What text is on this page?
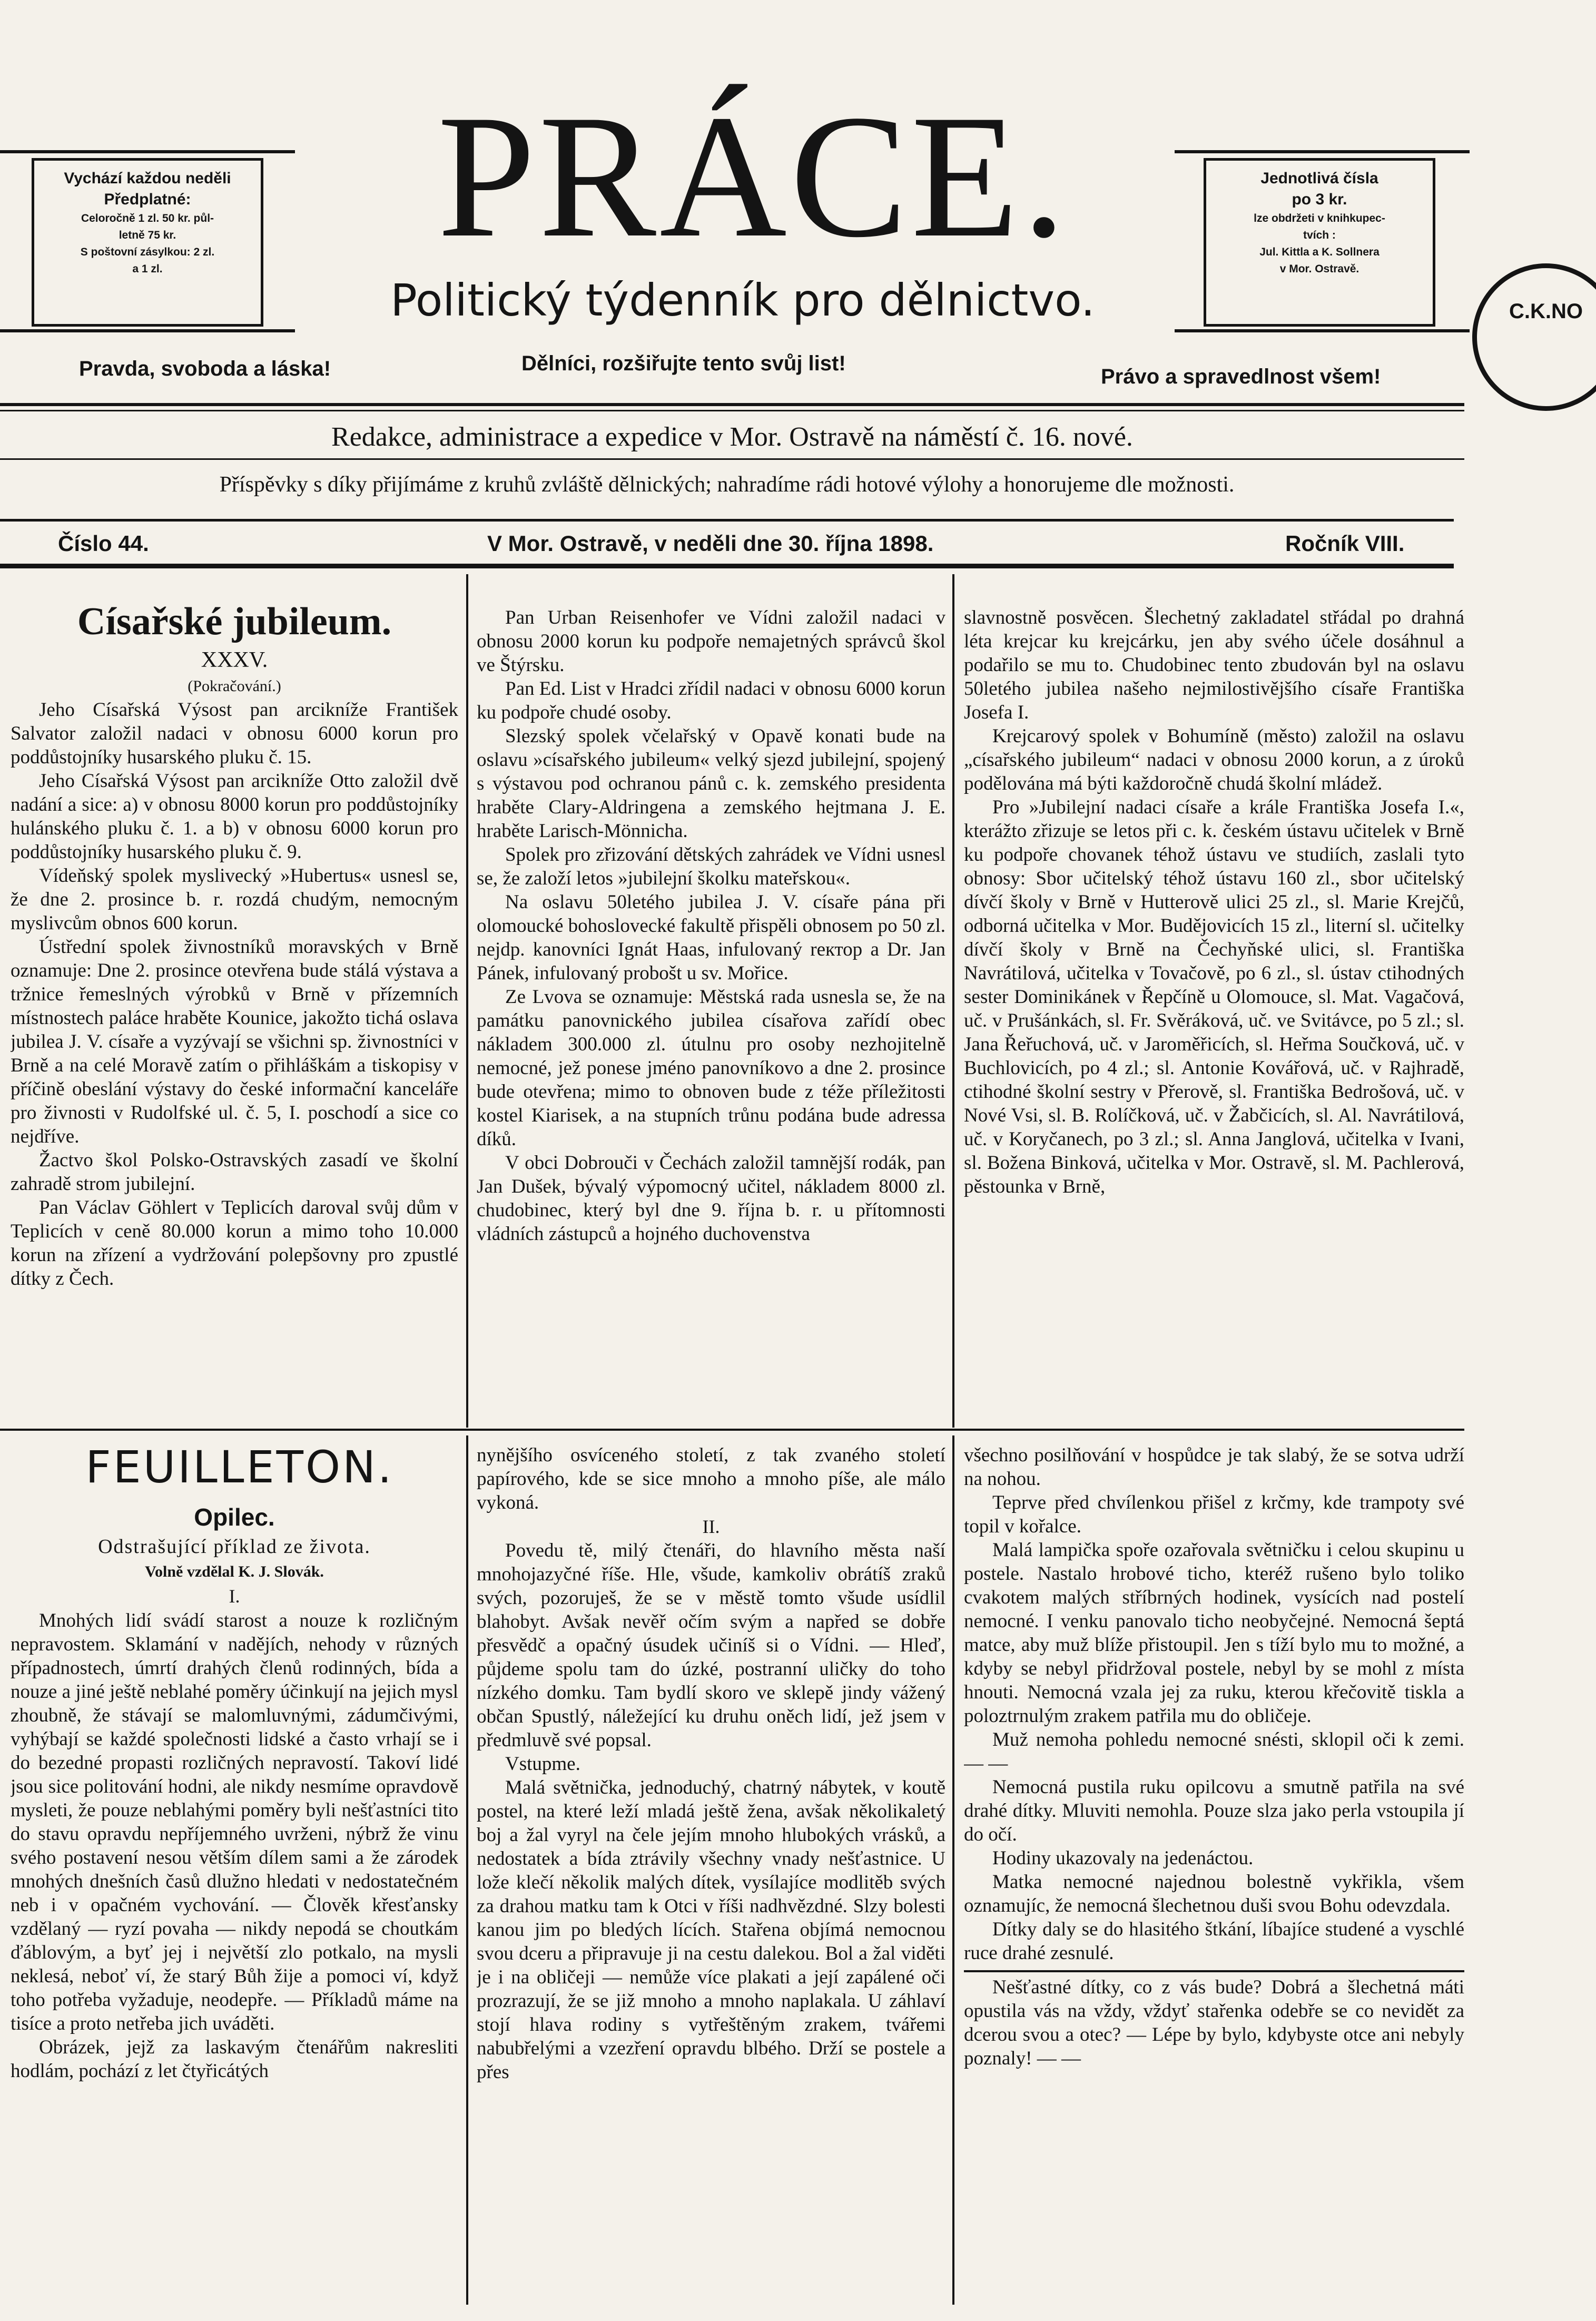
Vychází každou neděli
Předplatné:
Celoročně 1 zl. 50 kr. půl-
letně 75 kr.
S poštovní zásylkou: 2 zl.
a 1 zl.
Jednotlivá čísla
po 3 kr.
lze obdržeti v knihkupec-
tvích :
Jul. Kittla a K. Sollnera
v Mor. Ostravě.
PRÁCE.
Politický týdenník pro dělnictvo.	C.K.NO
Pravda, svoboda a láska!	Dělníci, rozšiřujte tento svůj list!
Právo a spravedlnost všem!
Redakce, administrace a expedice v Mor. Ostravě na náměstí č. 16. nové.
Příspěvky s díky přijímáme z kruhů zvláště dělnických; nahradíme rádi hotové výlohy a honorujeme dle možnosti.
Číslo 44.	V Mor. Ostravě, v neděli dne 30. října 1898.	Ročník VIII.
Císařské jubileum.
XXXV.
(Pokračování.)

Jeho Císařská Výsost pan arcikníže František Salvator založil nadaci v obnosu 6000 korun pro poddůstojníky husarského pluku č. 15.

Jeho Císařská Výsost pan arcikníže Otto založil dvě nadání a sice: a) v obnosu 8000 korun pro poddůstojníky hulánského pluku č. 1. a b) v obnosu 6000 korun pro poddůstojníky husarského pluku č. 9.

Vídeňský spolek myslivecký »Hubertus« usnesl se, že dne 2. prosince b. r. rozdá chudým, nemocným myslivcům obnos 600 korun.

Ústřední spolek živnostníků moravských v Brně oznamuje: Dne 2. prosince otevřena bude stálá výstava a tržnice řemeslných výrobků v Brně v přízemních místnostech paláce hraběte Kounice, jakožto tichá oslava jubilea J. V. císaře a vyzývají se všichni sp. živnostníci v Brně a na celé Moravě zatím o přihláškám a tiskopisy v příčině obeslání výstavy do české informační kanceláře pro živnosti v Rudolfské ul. č. 5, I. poschodí a sice co nejdříve.

Žactvo škol Polsko-Ostravských zasadí ve školní zahradě strom jubilejní.

Pan Václav Göhlert v Teplicích daroval svůj dům v Teplicích v ceně 80.000 korun a mimo toho 10.000 korun na zřízení a vydržování polepšovny pro zpustlé dítky z Čech.

Pan Urban Reisenhofer ve Vídni založil nadaci v obnosu 2000 korun ku podpoře nemajetných správců škol ve Štýrsku.

Pan Ed. List v Hradci zřídil nadaci v obnosu 6000 korun ku podpoře chudé osoby.

Slezský spolek včelařský v Opavě konati bude na oslavu »císařského jubileum« velký sjezd jubilejní, spojený s výstavou pod ochranou pánů c. k. zemského presidenta hraběte Clary-Aldringena a zemského hejtmana J. E. hraběte Larisch-Mönnicha.

Spolek pro zřizování dětských zahrádek ve Vídni usnesl se, že založí letos »jubilejní školku mateřskou«.

Na oslavu 50letého jubilea J. V. císaře pána při olomoucké bohoslovecké fakultě přispěli obnosem po 50 zl. nejdp. kanovníci Ignát Haas, infulovaný reктор a Dr. Jan Pánek, infulovaný probošt u sv. Mořice.

Ze Lvova se oznamuje: Městská rada usnesla se, že na památku panovnického jubilea císařova zařídí obec nákladem 300.000 zl. útulnu pro osoby nezhojitelně nemocné, jež ponese jméno panovníkovo a dne 2. prosince bude otevřena; mimo to obnoven bude z téže příležitosti kostel Kiarisek, a na stupních trůnu podána bude adressa díků.

V obci Dobrouči v Čechách založil tamnější rodák, pan Jan Dušek, bývalý výpomocný učitel, nákladem 8000 zl. chudobinec, který byl dne 9. října b. r. u přítomnosti vládních zástupců a hojného duchovenstva

slavnostně posvěcen. Šlechetný zakladatel střádal po drahná léta krejcar ku krejcárku, jen aby svého účele dosáhnul a podařilo se mu to. Chudobinec tento zbudován byl na oslavu 50letého jubilea našeho nejmilostivějšího císaře Františka Josefa I.

Krejcarový spolek v Bohumíně (město) založil na oslavu „císařského jubileum“ nadaci v obnosu 2000 korun, a z úroků podělována má býti každoročně chudá školní mládež.

Pro »Jubilejní nadaci císaře a krále Františka Josefa I.«, kterážto zřizuje se letos při c. k. českém ústavu učitelek v Brně ku podpoře chovanek téhož ústavu ve studiích, zaslali tyto obnosy: Sbor učitelský téhož ústavu 160 zl., sbor učitelský dívčí školy v Brně v Hutterově ulici 25 zl., sl. Marie Krejčů, odborná učitelka v Mor. Budějovicích 15 zl., literní sl. učitelky dívčí školy v Brně na Čechyňské ulici, sl. Františka Navrátilová, učitelka v Tovačově, po 6 zl., sl. ústav ctihodných sester Dominikánek v Řepčíně u Olomouce, sl. Mat. Vagačová, uč. v Prušánkách, sl. Fr. Svěráková, uč. ve Svitávce, po 5 zl.; sl. Jana Řeřuchová, uč. v Jaroměřicích, sl. Heřma Součková, uč. v Buchlovicích, po 4 zl.; sl. Antonie Kovářová, uč. v Rajhradě, ctihodné školní sestry v Přerově, sl. Františka Bedrošová, uč. v Nové Vsi, sl. B. Rolíčková, uč. v Žabčicích, sl. Al. Navrátilová, uč. v Koryčanech, po 3 zl.; sl. Anna Janglová, učitelka v Ivani, sl. Božena Binková, učitelka v Mor. Ostravě, sl. M. Pachlerová, pěstounka v Brně,

FEUILLETON.
Opilec.
Odstrašující příklad ze života.
Volně vzdělal K. J. Slovák.
I.

Mnohých lidí svádí starost a nouze k rozličným nepravostem. Sklamání v nadějích, nehody v různých případnostech, úmrtí drahých členů rodinných, bída a nouze a jiné ještě neblahé poměry účinkují na jejich mysl zhoubně, že stávají se malomluvnými, zádumčivými, vyhýbají se každé společnosti lidské a často vrhají se i do bezedné propasti rozličných nepravostí. Takoví lidé jsou sice politování hodni, ale nikdy nesmíme opravdově mysleti, že pouze neblahými poměry byli nešťastníci tito do stavu opravdu nepříjemného uvrženi, nýbrž že vinu svého postavení nesou větším dílem sami a že zárodek mnohých dnešních časů dlužno hledati v nedostatečném neb i v opačném vychování. — Člověk křesťansky vzdělaný — ryzí povaha — nikdy nepodá se choutkám ďáblovým, a byť jej i největší zlo potkalo, na mysli neklesá, neboť ví, že starý Bůh žije a pomoci ví, když toho potřeba vyžaduje, neodepře. — Příkladů máme na tisíce a proto netřeba jich uváděti.

Obrázek, jejž za laskavým čtenářům nakresliti hodlám, pochází z let čtyřicátých

nynějšího osvíceného století, z tak zvaného století papírového, kde se sice mnoho a mnoho píše, ale málo vykoná.

II.

Povedu tě, milý čtenáři, do hlavního města naší mnohojazyčné říše. Hle, všude, kamkoliv obrátíš zraků svých, pozoruješ, že se v městě tomto všude usídlil blahobyt. Avšak nevěř očím svým a napřed se dobře přesvědč a opačný úsudek učiníš si o Vídni. — Hleď, půjdeme spolu tam do úzké, postranní uličky do toho nízkého domku. Tam bydlí skoro ve sklepě jindy vážený občan Spustlý, náležející ku druhu oněch lidí, jež jsem v předmluvě své popsal.

Vstupme.

Malá světnička, jednoduchý, chatrný nábytek, v koutě postel, na které leží mladá ještě žena, avšak několikaletý boj a žal vyryl na čele jejím mnoho hlubokých vrásků, a nedostatek a bída ztrávily všechny vnady nešťastnice. U lože klečí několik malých dítek, vysílajíce modlitěb svých za drahou matku tam k Otci v říši nadhvězdné. Slzy bolesti kanou jim po bledých lících. Stařena objímá nemocnou svou dceru a připravuje ji na cestu dalekou. Bol a žal viděti je i na obličeji — nemůže více plakati a její zapálené oči prozrazují, že se již mnoho a mnoho naplakala. U záhlaví stojí hlava rodiny s vytřeštěným zrakem, tvářemi nabubřelými a vzezření opravdu blbého. Drží se postele a přes

všechno posilňování v hospůdce je tak slabý, že se sotva udrží na nohou.

Teprve před chvílenkou přišel z krčmy, kde trampoty své topil v kořalce.

Malá lampička spoře ozařovala světničku i celou skupinu u postele. Nastalo hrobové ticho, kteréž rušeno bylo toliko cvakotem malých stříbrných hodinek, vysících nad postelí nemocné. I venku panovalo ticho neobyčejné. Nemocná šeptá matce, aby muž blíže přistoupil. Jen s tíží bylo mu to možné, a kdyby se nebyl přidržoval postele, nebyl by se mohl z místa hnouti. Nemocná vzala jej za ruku, kterou křečovitě tiskla a poloztrnulým zrakem patřila mu do obličeje.

Muž nemoha pohledu nemocné snésti, sklopil oči k zemi. — —

Nemocná pustila ruku opilcovu a smutně patřila na své drahé dítky. Mluviti nemohla. Pouze slza jako perla vstoupila jí do očí.

Hodiny ukazovaly na jedenáctou.

Matka nemocné najednou bolestně vykřikla, všem oznamujíc, že nemocná šlechetnou duši svou Bohu odevzdala.

Dítky daly se do hlasitého štkání, líbajíce studené a vyschlé ruce drahé zesnulé.

Nešťastné dítky, co z vás bude? Dobrá a šlechetná máti opustila vás na vždy, vždyť stařenka odebře se co nevidět za dcerou svou a otec? — Lépe by bylo, kdybyste otce ani nebyly poznaly! — —
